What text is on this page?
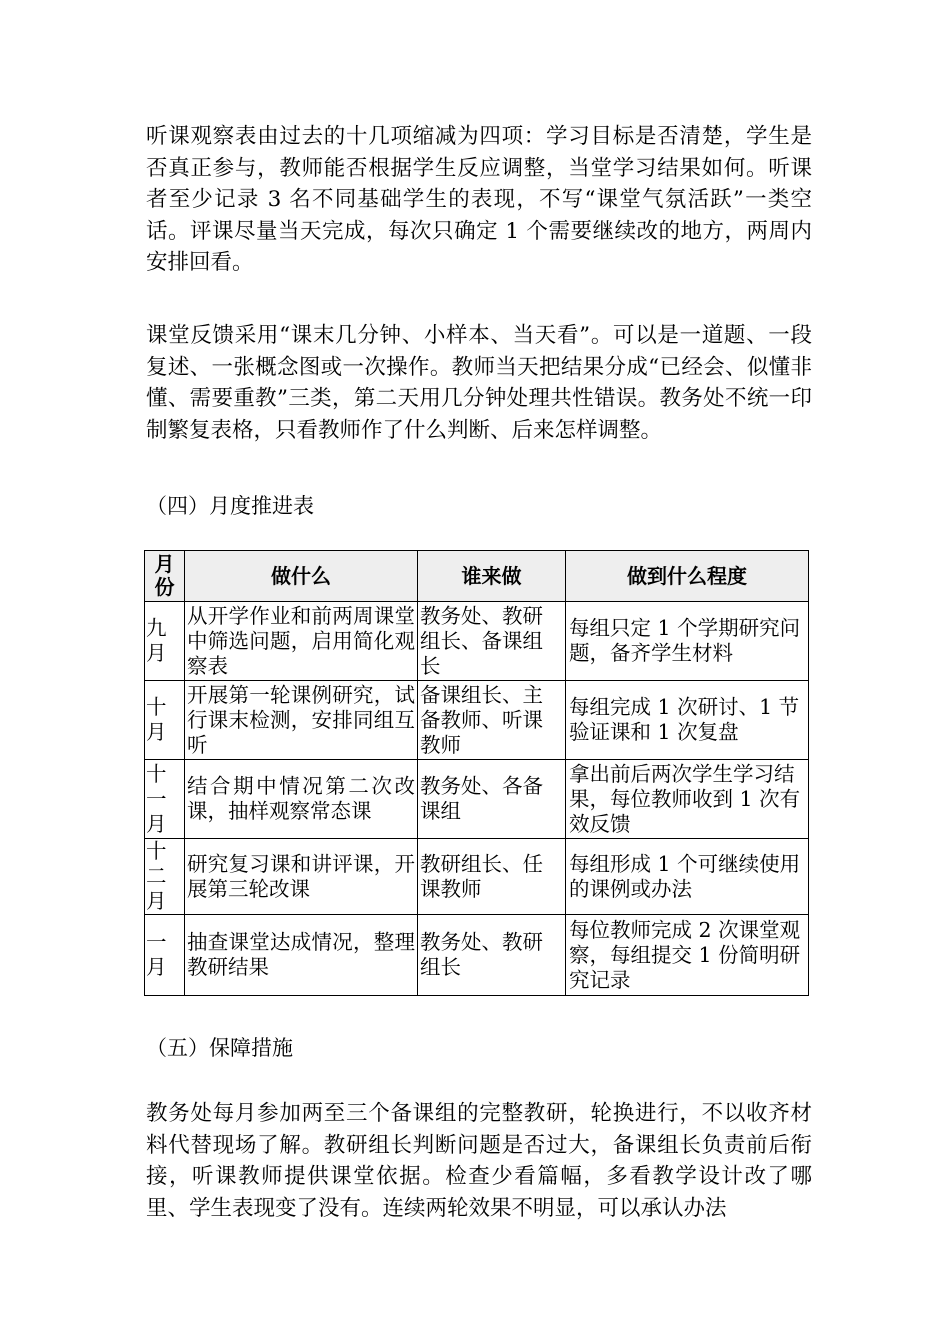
听课观察表由过去的十几项缩减为四项：学习目标是否清楚，学生是否真正参与，教师能否根据学生反应调整，当堂学习结果如何。听课者至少记录 3 名不同基础学生的表现，不写“课堂气氛活跃”一类空话。评课尽量当天完成，每次只确定 1 个需要继续改的地方，两周内安排回看。

课堂反馈采用“课末几分钟、小样本、当天看”。可以是一道题、一段复述、一张概念图或一次操作。教师当天把结果分成“已经会、似懂非懂、需要重教”三类，第二天用几分钟处理共性错误。教务处不统一印制繁复表格，只看教师作了什么判断、后来怎样调整。

（四）月度推进表

月份	做什么	谁来做	做到什么程度
九月	从开学作业和前两周课堂中筛选问题，启用简化观察表	教务处、教研组长、备课组长	每组只定 1 个学期研究问题，备齐学生材料
十月	开展第一轮课例研究，试行课末检测，安排同组互听	备课组长、主备教师、听课教师	每组完成 1 次研讨、1 节验证课和 1 次复盘
十一月	结合期中情况第二次改课，抽样观察常态课	教务处、各备课组	拿出前后两次学生学习结果，每位教师收到 1 次有效反馈
十二月	研究复习课和讲评课，开展第三轮改课	教研组长、任课教师	每组形成 1 个可继续使用的课例或办法
一月	抽查课堂达成情况，整理教研结果	教务处、教研组长	每位教师完成 2 次课堂观察，每组提交 1 份简明研究记录

（五）保障措施

教务处每月参加两至三个备课组的完整教研，轮换进行，不以收齐材料代替现场了解。教研组长判断问题是否过大，备课组长负责前后衔接，听课教师提供课堂依据。检查少看篇幅，多看教学设计改了哪里、学生表现变了没有。连续两轮效果不明显，可以承认办法
